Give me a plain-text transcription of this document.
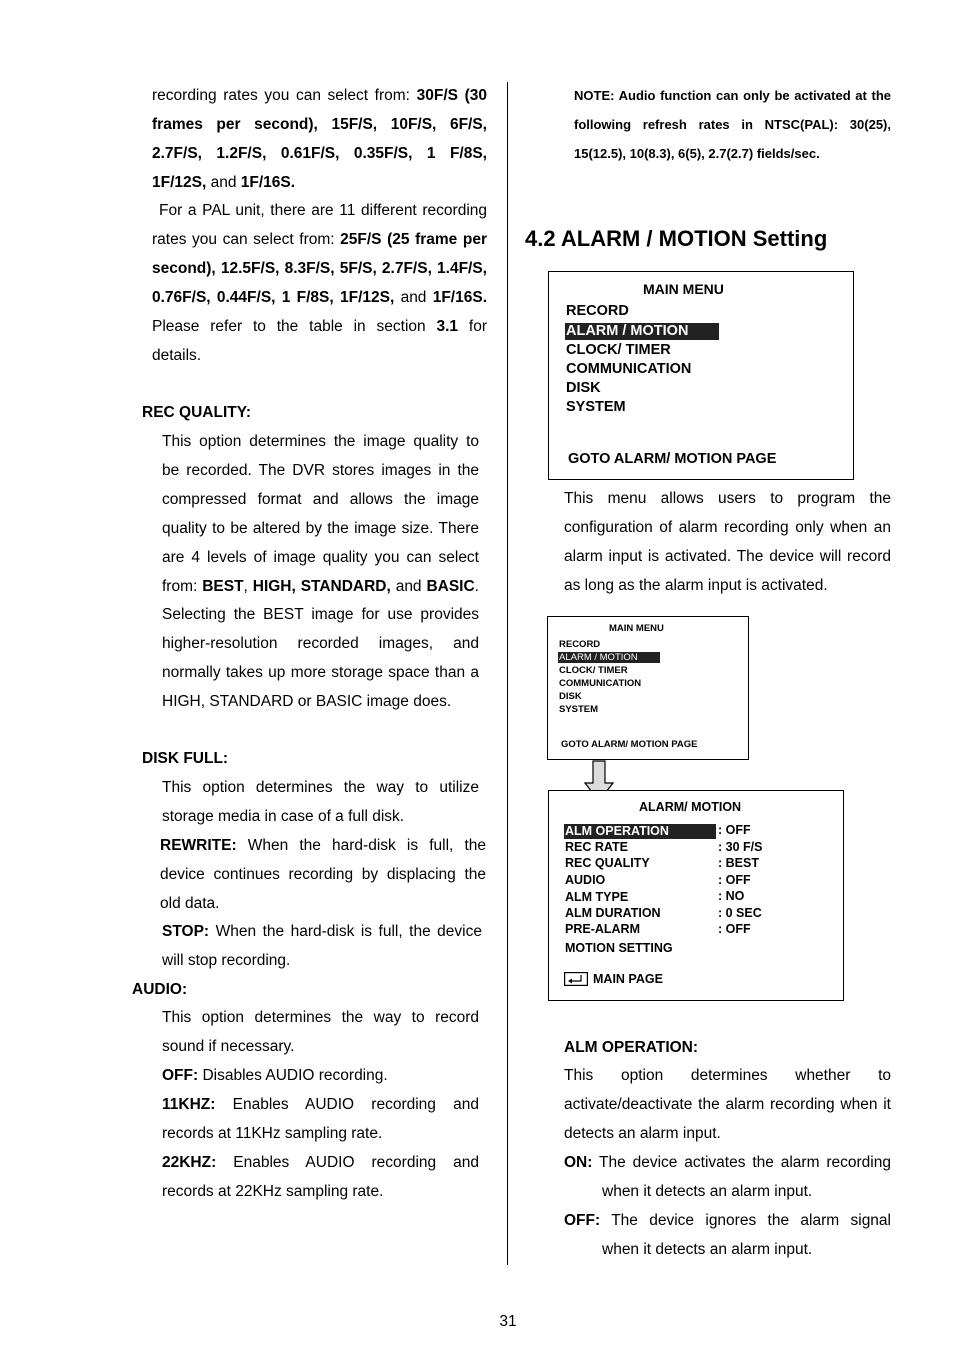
recording rates you can select from: 30F/S (30 frames per second), 15F/S, 10F/S, 6F/S, 2.7F/S, 1.2F/S, 0.61F/S, 0.35F/S, 1 F/8S, 1F/12S, and 1F/16S.
For a PAL unit, there are 11 different recording rates you can select from: 25F/S (25 frame per second), 12.5F/S, 8.3F/S, 5F/S, 2.7F/S, 1.4F/S, 0.76F/S, 0.44F/S, 1 F/8S, 1F/12S, and 1F/16S. Please refer to the table in section 3.1 for details.
REC QUALITY:
This option determines the image quality to be recorded. The DVR stores images in the compressed format and allows the image quality to be altered by the image size. There are 4 levels of image quality you can select from: BEST, HIGH, STANDARD, and BASIC. Selecting the BEST image for use provides higher-resolution recorded images, and normally takes up more storage space than a HIGH, STANDARD or BASIC image does.
DISK FULL:
This option determines the way to utilize storage media in case of a full disk.
REWRITE: When the hard-disk is full, the device continues recording by displacing the old data.
STOP: When the hard-disk is full, the device will stop recording.
AUDIO:
This option determines the way to record sound if necessary.
OFF: Disables AUDIO recording.
11KHZ: Enables AUDIO recording and records at 11KHz sampling rate.
22KHZ: Enables AUDIO recording and records at 22KHz sampling rate.
NOTE: Audio function can only be activated at the following refresh rates in NTSC(PAL): 30(25), 15(12.5), 10(8.3), 6(5), 2.7(2.7) fields/sec.
4.2 ALARM / MOTION Setting
MAIN MENU
RECORD
ALARM / MOTION
CLOCK/ TIMER
COMMUNICATION
DISK
SYSTEM
GOTO ALARM/ MOTION PAGE
This menu allows users to program the configuration of alarm recording only when an alarm input is activated. The device will record as long as the alarm input is activated.
MAIN MENU
RECORD
ALARM / MOTION
CLOCK/ TIMER
COMMUNICATION
DISK
SYSTEM
GOTO ALARM/ MOTION PAGE
ALARM/ MOTION
ALM OPERATION	: OFF
REC RATE	: 30 F/S
REC QUALITY	: BEST
AUDIO	: OFF
ALM TYPE	: NO
ALM DURATION	: 0 SEC
PRE-ALARM	: OFF
MOTION SETTING
MAIN PAGE
ALM OPERATION:
This option determines whether to activate/deactivate the alarm recording when it detects an alarm input.
ON: The device activates the alarm recording
when it detects an alarm input.
OFF: The device ignores the alarm signal
when it detects an alarm input.
31
